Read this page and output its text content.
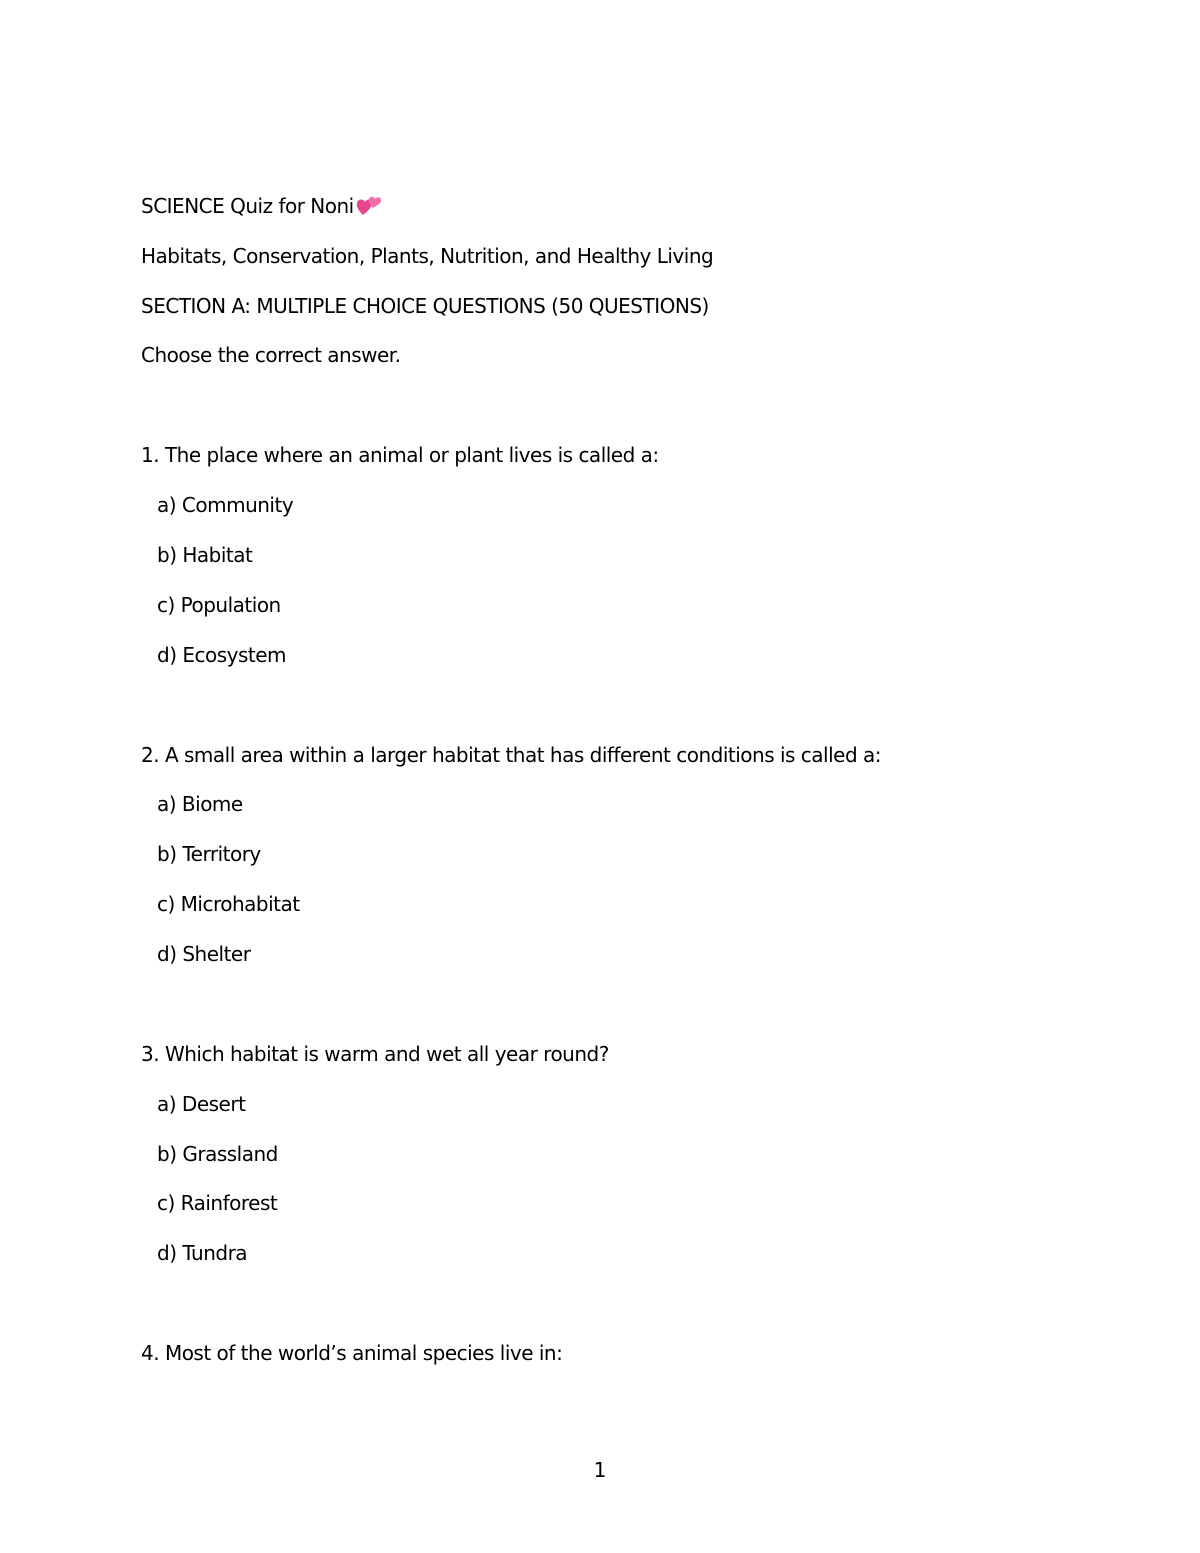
SCIENCE Quiz for Noni
Habitats, Conservation, Plants, Nutrition, and Healthy Living
SECTION A: MULTIPLE CHOICE QUESTIONS (50 QUESTIONS)
Choose the correct answer.
1. The place where an animal or plant lives is called a:
a) Community
b) Habitat
c) Population
d) Ecosystem
2. A small area within a larger habitat that has different conditions is called a:
a) Biome
b) Territory
c) Microhabitat
d) Shelter
3. Which habitat is warm and wet all year round?
a) Desert
b) Grassland
c) Rainforest
d) Tundra
4. Most of the world’s animal species live in:
1
